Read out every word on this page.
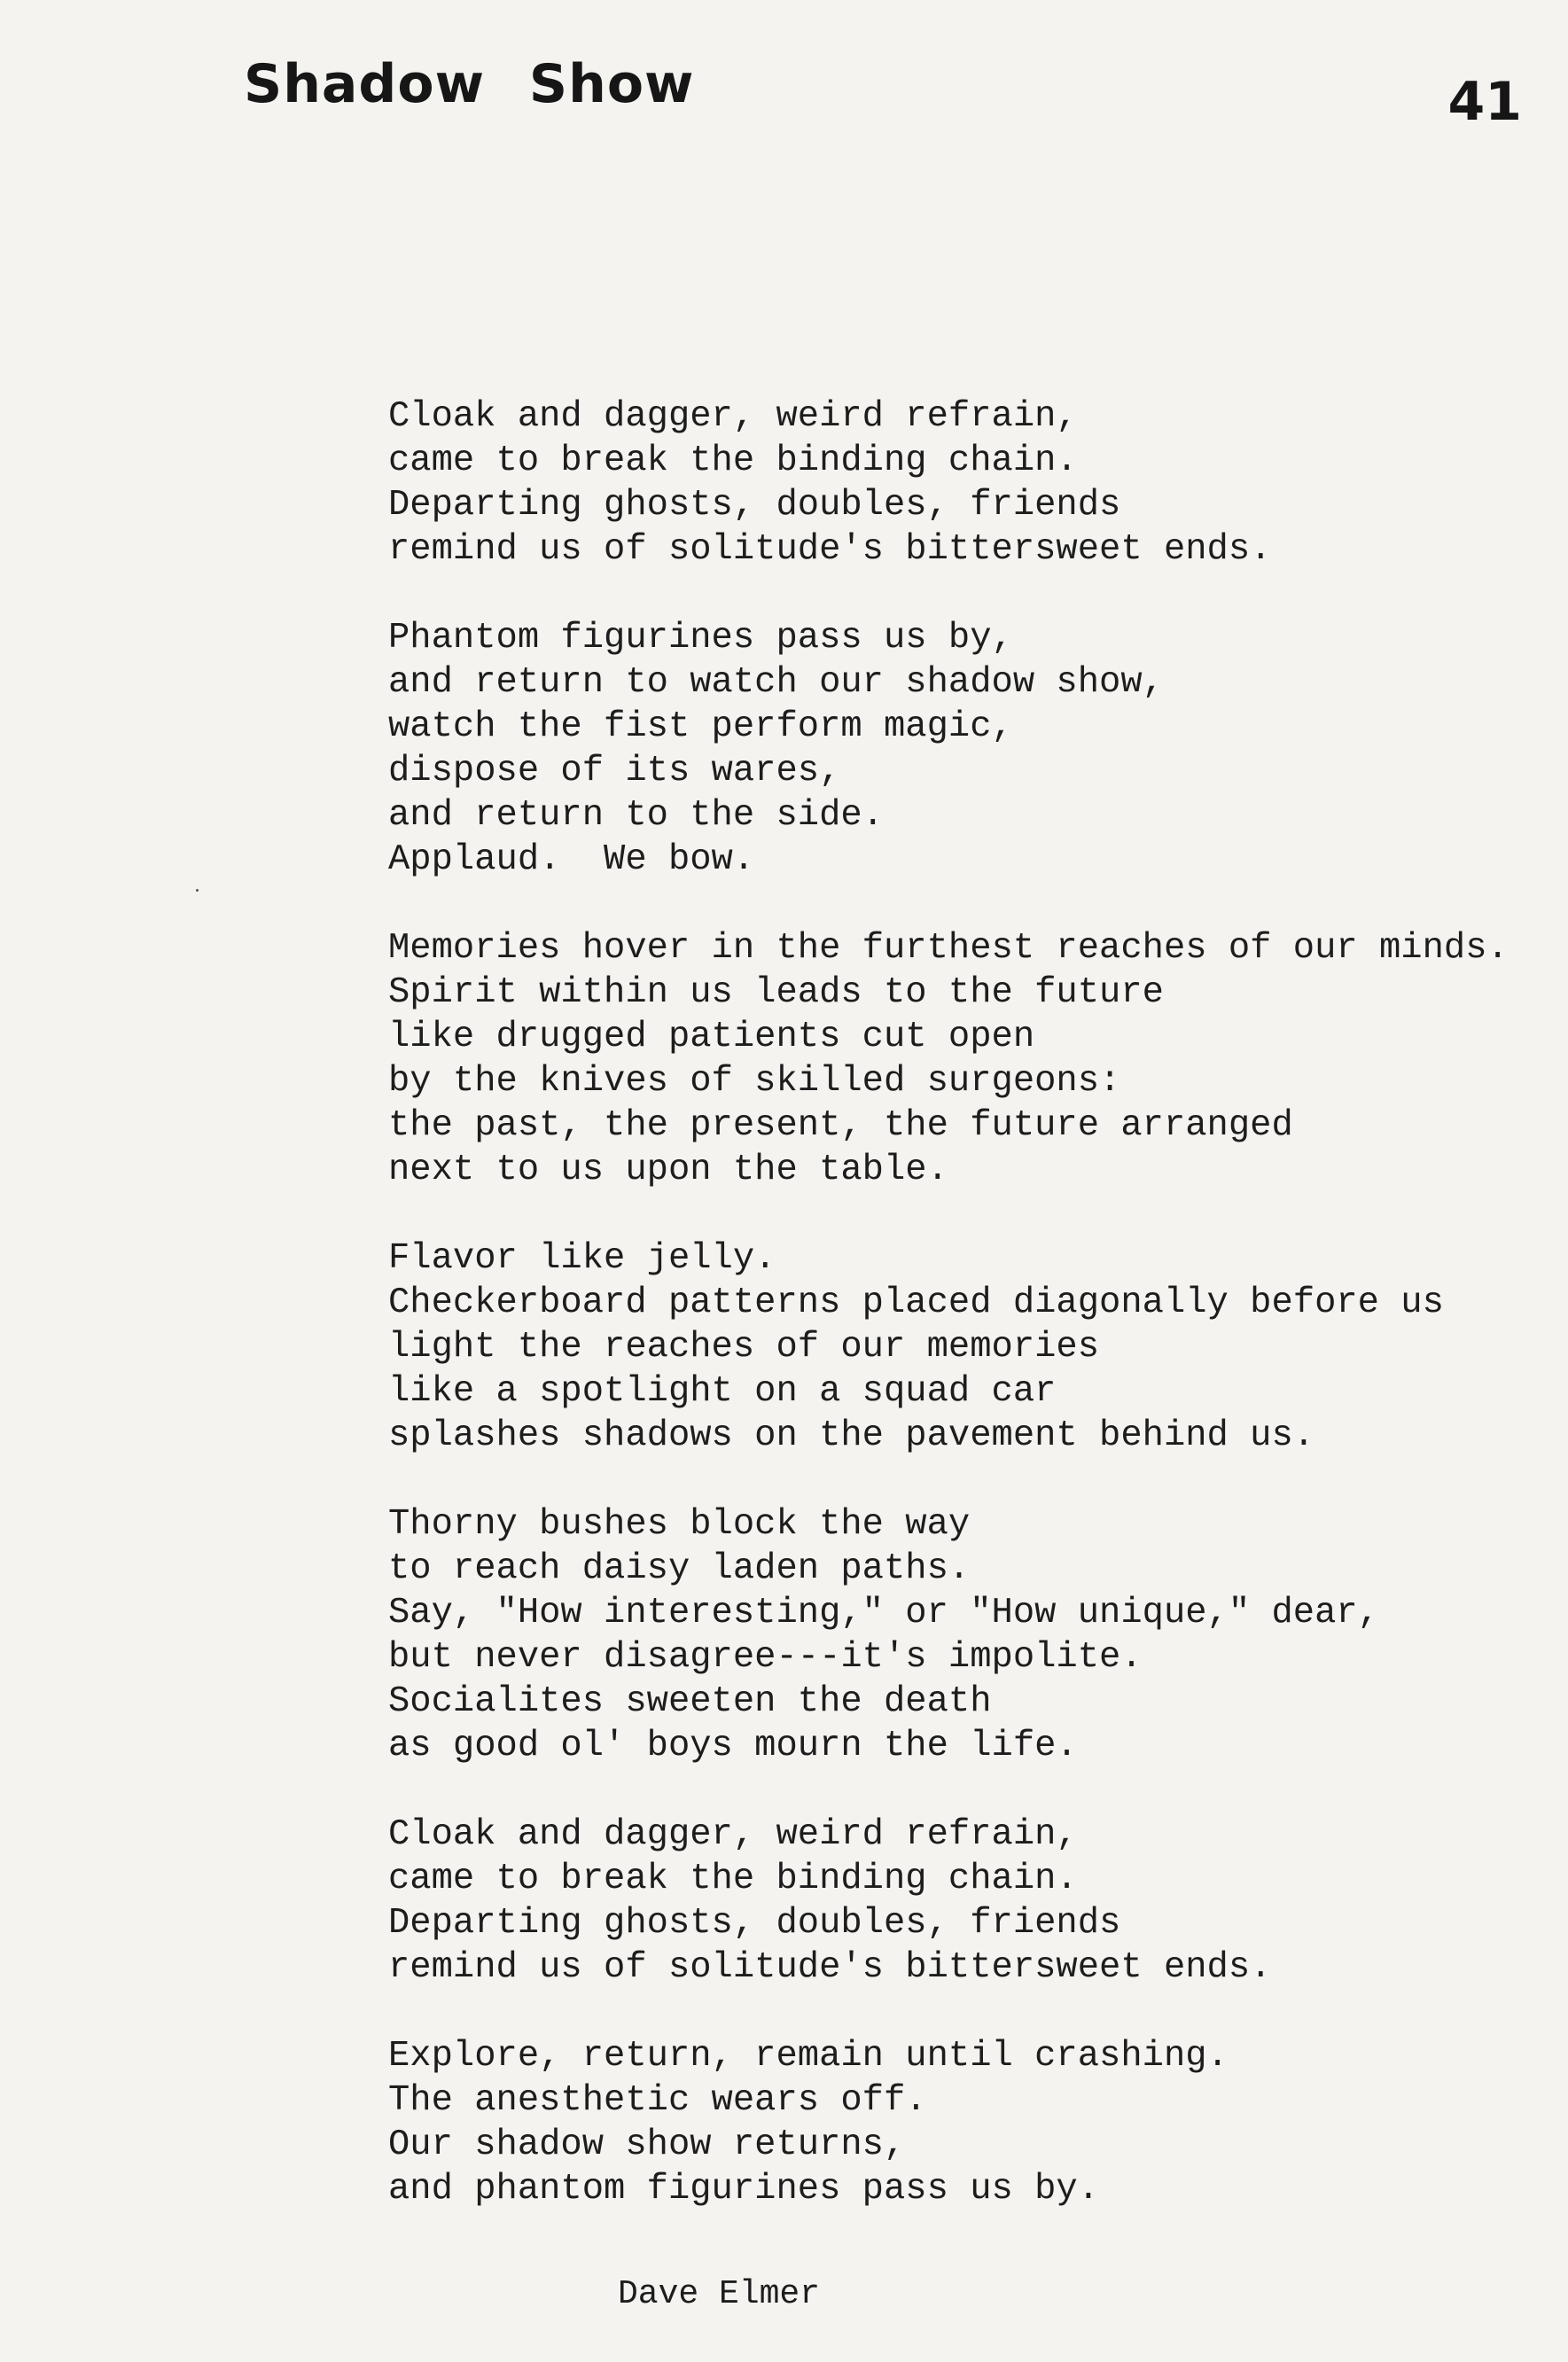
Shadow Show	41
Cloak and dagger, weird refrain,
came to break the binding chain.
Departing ghosts, doubles, friends
remind us of solitude's bittersweet ends.
Phantom figurines pass us by,
and return to watch our shadow show,
watch the fist perform magic,
dispose of its wares,
and return to the side.
Applaud.  We bow.
Memories hover in the furthest reaches of our minds.
Spirit within us leads to the future
like drugged patients cut open
by the knives of skilled surgeons:
the past, the present, the future arranged
next to us upon the table.
Flavor like jelly.
Checkerboard patterns placed diagonally before us
light the reaches of our memories
like a spotlight on a squad car
splashes shadows on the pavement behind us.
Thorny bushes block the way
to reach daisy laden paths.
Say, "How interesting," or "How unique," dear,
but never disagree---it's impolite.
Socialites sweeten the death
as good ol' boys mourn the life.
Cloak and dagger, weird refrain,
came to break the binding chain.
Departing ghosts, doubles, friends
remind us of solitude's bittersweet ends.
Explore, return, remain until crashing.
The anesthetic wears off.
Our shadow show returns,
and phantom figurines pass us by.
Dave Elmer
